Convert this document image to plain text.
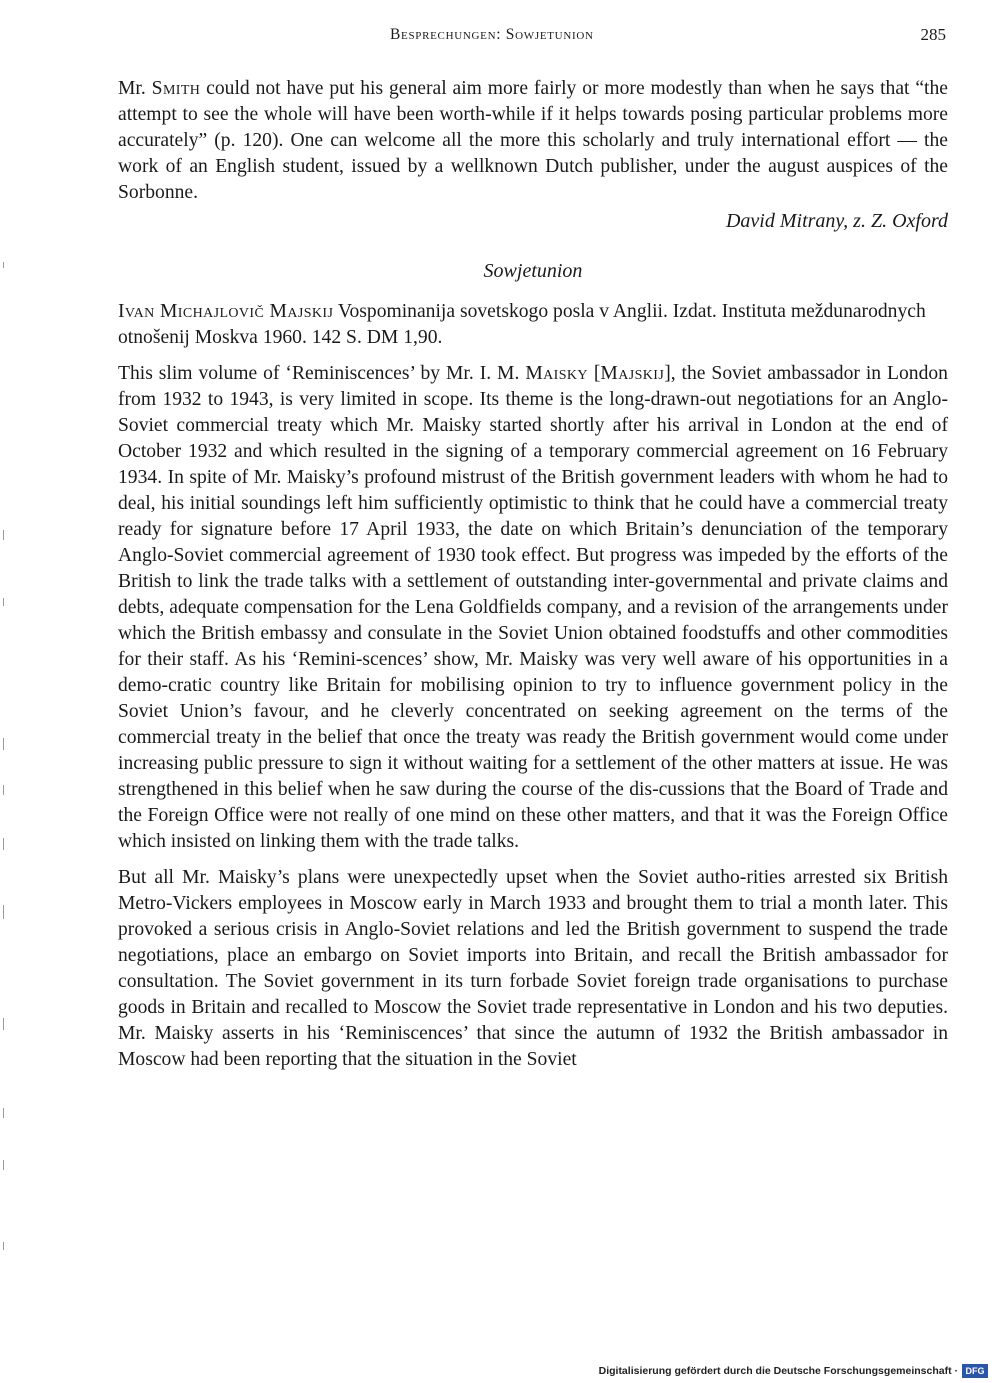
Besprechungen: Sowjetunion	285

Mr. Smith could not have put his general aim more fairly or more modestly than when he says that “the attempt to see the whole will have been worth-while if it helps towards posing particular problems more accurately” (p. 120). One can welcome all the more this scholarly and truly international effort — the work of an English student, issued by a wellknown Dutch publisher, under the august auspices of the Sorbonne.

David Mitrany, z. Z. Oxford
Sowjetunion

Ivan Michajlovič Majskij Vospominanija sovetskogo posla v Anglii. Izdat. Instituta meždunarodnych otnošenij Moskva 1960. 142 S. DM 1,90.

This slim volume of ‘Reminiscences’ by Mr. I. M. Maisky [Majskij], the Soviet ambassador in London from 1932 to 1943, is very limited in scope. Its theme is the long-drawn-out negotiations for an Anglo-Soviet commercial treaty which Mr. Maisky started shortly after his arrival in London at the end of October 1932 and which resulted in the signing of a temporary commercial agreement on 16 February 1934. In spite of Mr. Maisky’s profound mistrust of the British government leaders with whom he had to deal, his initial soundings left him sufficiently optimistic to think that he could have a commercial treaty ready for signature before 17 April 1933, the date on which Britain’s denunciation of the temporary Anglo-Soviet commercial agreement of 1930 took effect. But progress was impeded by the efforts of the British to link the trade talks with a settlement of outstanding inter-governmental and private claims and debts, adequate compensation for the Lena Goldfields company, and a revision of the arrangements under which the British embassy and consulate in the Soviet Union obtained foodstuffs and other commodities for their staff. As his ‘Remini-scences’ show, Mr. Maisky was very well aware of his opportunities in a demo-cratic country like Britain for mobilising opinion to try to influence government policy in the Soviet Union’s favour, and he cleverly concentrated on seeking agreement on the terms of the commercial treaty in the belief that once the treaty was ready the British government would come under increasing public pressure to sign it without waiting for a settlement of the other matters at issue. He was strengthened in this belief when he saw during the course of the dis-cussions that the Board of Trade and the Foreign Office were not really of one mind on these other matters, and that it was the Foreign Office which insisted on linking them with the trade talks.

But all Mr. Maisky’s plans were unexpectedly upset when the Soviet autho-rities arrested six British Metro-Vickers employees in Moscow early in March 1933 and brought them to trial a month later. This provoked a serious crisis in Anglo-Soviet relations and led the British government to suspend the trade negotiations, place an embargo on Soviet imports into Britain, and recall the British ambassador for consultation. The Soviet government in its turn forbade Soviet foreign trade organisations to purchase goods in Britain and recalled to Moscow the Soviet trade representative in London and his two deputies. Mr. Maisky asserts in his ‘Reminiscences’ that since the autumn of 1932 the British ambassador in Moscow had been reporting that the situation in the Soviet

Digitalisierung gefördert durch die Deutsche Forschungsgemeinschaft · DFG
